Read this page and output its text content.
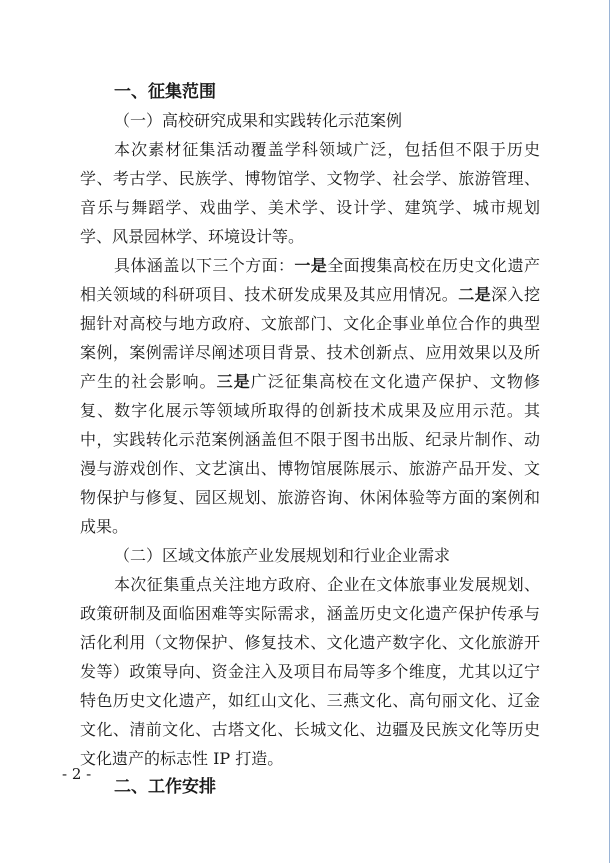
一、征集范围

（一）高校研究成果和实践转化示范案例

本次素材征集活动覆盖学科领域广泛，包括但不限于历史学、考古学、民族学、博物馆学、文物学、社会学、旅游管理、音乐与舞蹈学、戏曲学、美术学、设计学、建筑学、城市规划学、风景园林学、环境设计等。

具体涵盖以下三个方面：一是全面搜集高校在历史文化遗产相关领域的科研项目、技术研发成果及其应用情况。二是深入挖掘针对高校与地方政府、文旅部门、文化企事业单位合作的典型案例，案例需详尽阐述项目背景、技术创新点、应用效果以及所产生的社会影响。三是广泛征集高校在文化遗产保护、文物修复、数字化展示等领域所取得的创新技术成果及应用示范。其中，实践转化示范案例涵盖但不限于图书出版、纪录片制作、动漫与游戏创作、文艺演出、博物馆展陈展示、旅游产品开发、文物保护与修复、园区规划、旅游咨询、休闲体验等方面的案例和成果。

（二）区域文体旅产业发展规划和行业企业需求

本次征集重点关注地方政府、企业在文体旅事业发展规划、政策研制及面临困难等实际需求，涵盖历史文化遗产保护传承与活化利用（文物保护、修复技术、文化遗产数字化、文化旅游开发等）政策导向、资金注入及项目布局等多个维度，尤其以辽宁特色历史文化遗产，如红山文化、三燕文化、高句丽文化、辽金文化、清前文化、古塔文化、长城文化、边疆及民族文化等历史文化遗产的标志性 IP 打造。

二、工作安排

- 2 -
